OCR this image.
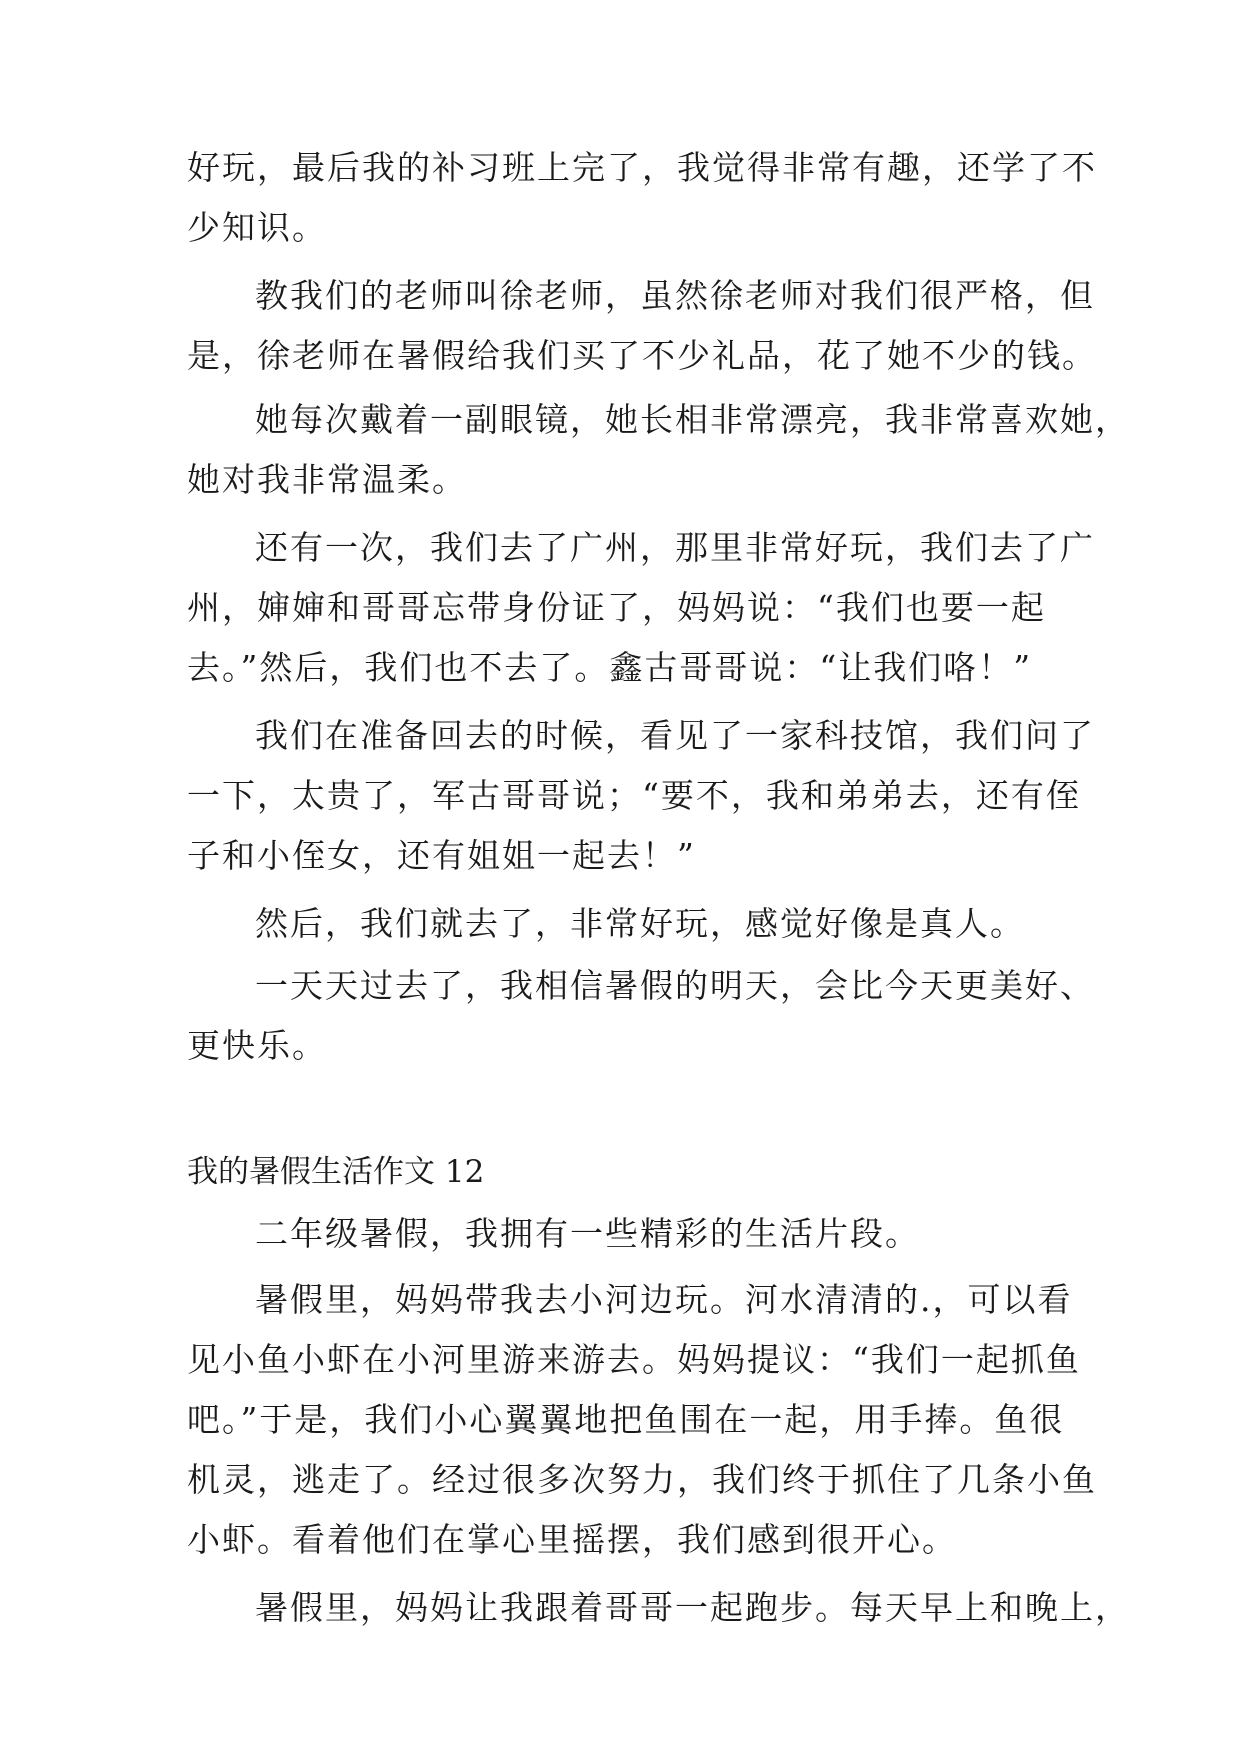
好玩，最后我的补习班上完了，我觉得非常有趣，还学了不
少知识。
教我们的老师叫徐老师，虽然徐老师对我们很严格，但
是，徐老师在暑假给我们买了不少礼品，花了她不少的钱。
她每次戴着一副眼镜，她长相非常漂亮，我非常喜欢她，
她对我非常温柔。
还有一次，我们去了广州，那里非常好玩，我们去了广
州，婶婶和哥哥忘带身份证了，妈妈说：“我们也要一起
去。”然后，我们也不去了。鑫古哥哥说：“让我们咯！”
我们在准备回去的时候，看见了一家科技馆，我们问了
一下，太贵了，军古哥哥说；“要不，我和弟弟去，还有侄
子和小侄女，还有姐姐一起去！”
然后，我们就去了，非常好玩，感觉好像是真人。
一天天过去了，我相信暑假的明天，会比今天更美好、
更快乐。
我的暑假生活作文 12
二年级暑假，我拥有一些精彩的生活片段。
暑假里，妈妈带我去小河边玩。河水清清的.，可以看
见小鱼小虾在小河里游来游去。妈妈提议：“我们一起抓鱼
吧。”于是，我们小心翼翼地把鱼围在一起，用手捧。鱼很
机灵，逃走了。经过很多次努力，我们终于抓住了几条小鱼
小虾。看着他们在掌心里摇摆，我们感到很开心。
暑假里，妈妈让我跟着哥哥一起跑步。每天早上和晚上，
